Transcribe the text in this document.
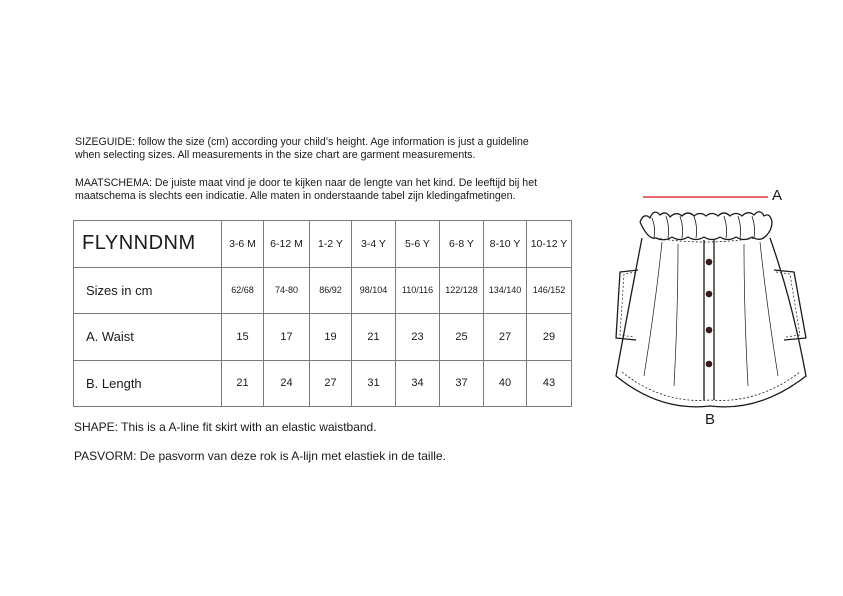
SIZEGUIDE: follow the size (cm) according your child’s height. Age information is just a guideline

when selecting sizes. All measurements in the size chart are garment measurements.

MAATSCHEMA: De juiste maat vind je door te kijken naar de lengte van het kind. De leeftijd bij het

maatschema is slechts een indicatie. Alle maten in onderstaande tabel zijn kledingafmetingen.

FLYNNDNM	3-6 M	6-12 M	1-2 Y	3-4 Y	5-6 Y	6-8 Y	8-10 Y	10-12 Y
Sizes in cm	62/68	74-80	86/92	98/104	110/116	122/128	134/140	146/152
A. Waist	15	17	19	21	23	25	27	29
B. Length	21	24	27	31	34	37	40	43
SHAPE: This is a A-line fit skirt with an elastic waistband.
PASVORM: De pasvorm van deze rok is A-lijn met elastiek in de taille.
A
B
